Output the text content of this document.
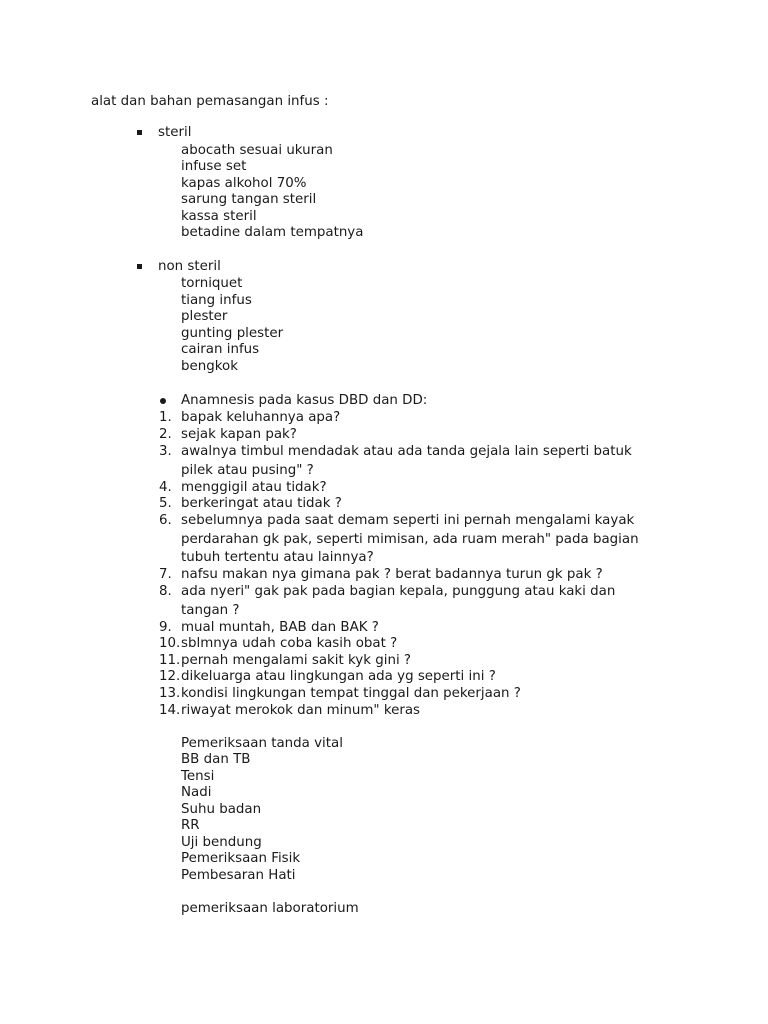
alat dan bahan pemasangan infus :
steril
abocath sesuai ukuran
infuse set
kapas alkohol 70%
sarung tangan steril
kassa steril
betadine dalam tempatnya
non steril
torniquet
tiang infus
plester
gunting plester
cairan infus
bengkok
Anamnesis pada kasus DBD dan DD:
1. bapak keluhannya apa?
2. sejak kapan pak?
3. awalnya timbul mendadak atau ada tanda gejala lain seperti batuk
pilek atau pusing" ?
4. menggigil atau tidak?
5. berkeringat atau tidak ?
6. sebelumnya pada saat demam seperti ini pernah mengalami kayak
perdarahan gk pak, seperti mimisan, ada ruam merah" pada bagian
tubuh tertentu atau lainnya?
7. nafsu makan nya gimana pak ? berat badannya turun gk pak ?
8. ada nyeri" gak pak pada bagian kepala, punggung atau kaki dan
tangan ?
9. mual muntah, BAB dan BAK ?
10. sblmnya udah coba kasih obat ?
11. pernah mengalami sakit kyk gini ?
12. dikeluarga atau lingkungan ada yg seperti ini ?
13. kondisi lingkungan tempat tinggal dan pekerjaan ?
14. riwayat merokok dan minum" keras
Pemeriksaan tanda vital
BB dan TB
Tensi
Nadi
Suhu badan
RR
Uji bendung
Pemeriksaan Fisik
Pembesaran Hati
pemeriksaan laboratorium
